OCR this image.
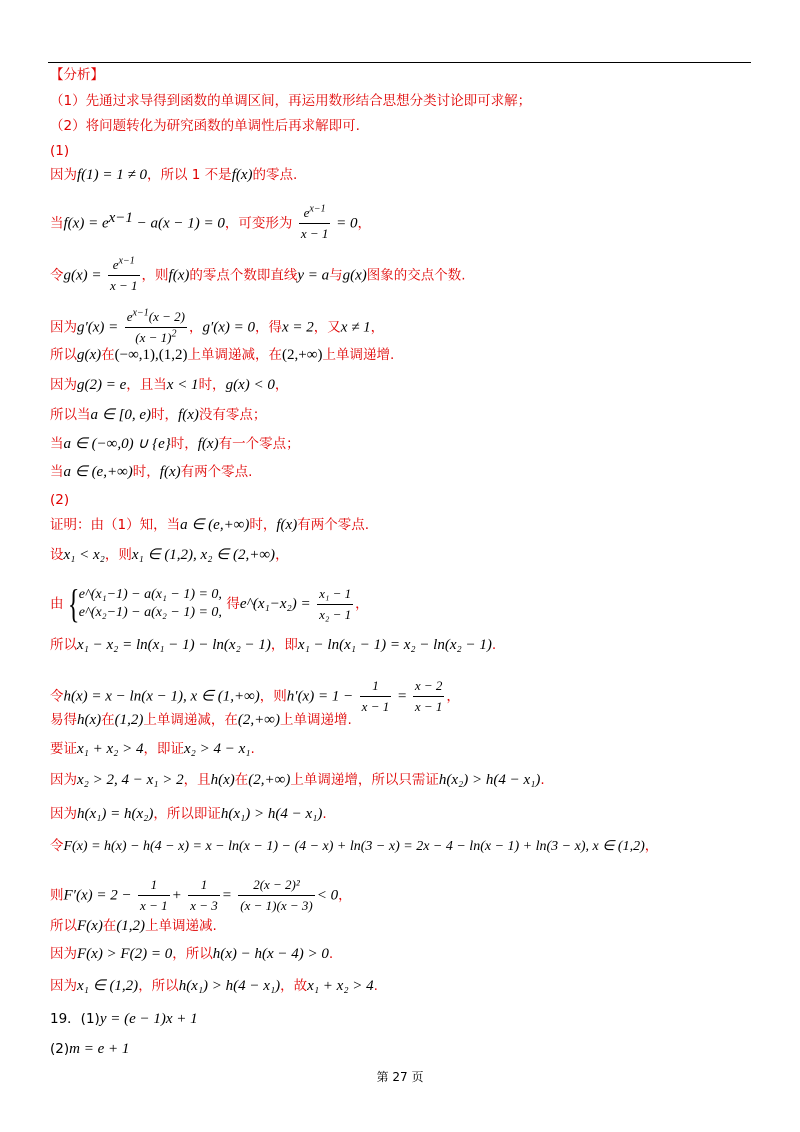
【分析】
（1）先通过求导得到函数的单调区间，再运用数形结合思想分类讨论即可求解；
（2）将问题转化为研究函数的单调性后再求解即可.
(1)
因为f(1) = 1 ≠ 0，所以 1 不是f(x)的零点.
当$f(x) = e^{x-1} - a(x - 1) = 0$，可变形为 $\frac{e^{x-1}}{x - 1} = 0$，
令$g(x) = \frac{e^{x-1}}{x - 1}$ ，则f(x)的零点个数即直线y = a与g(x)图象的交点个数.
因为$g'(x) = \frac{e^{x-1}(x - 2)}{(x - 1)^2}$ ，g′(x) = 0，得x = 2，又x ≠ 1，
所以g(x)在(−∞,1),(1,2)上单调递减，在(2,+∞)上单调递增.
因为g(2) = e，且当x < 1时，g(x) < 0，
所以当a ∈ [0, e)时，f(x)没有零点；
当a ∈ (−∞,0) ∪ {e}时，f(x)有一个零点；
当a ∈ (e,+∞)时，f(x)有两个零点.
(2)
证明：由（1）知，当a ∈ (e,+∞)时，f(x)有两个零点.
设x₁ < x₂，则x₁ ∈ (1,2), x₂ ∈ (2,+∞)，
由{ e^(x₁−1) − a(x₁ − 1) = 0,
e^(x₂−1) − a(x₂ − 1) = 0,
得e^(x₁−x₂) = $\frac{\text{x₁ − 1}}{\text{x₂ − 1}}$ ，
所以x₁ − x₂ = ln(x₁ − 1) − ln(x₂ − 1)，即x₁ − ln(x₁ − 1) = x₂ − ln(x₂ − 1).
令h(x) = x − ln(x − 1), x ∈ (1,+∞)，则$h'(x) = 1 - \frac{1}{x - 1} = \frac{x - 2}{x - 1}$ ，
易得h(x)在(1,2)上单调递减，在(2,+∞)上单调递增.
要证x₁ + x₂ > 4，即证x₂ > 4 − x₁.
因为x₂ > 2, 4 − x₁ > 2，且h(x)在(2,+∞)上单调递增，所以只需证h(x₂) > h(4 − x₁).
因为h(x₁) = h(x₂)，所以即证h(x₁) > h(4 − x₁).
令F(x) = h(x) − h(4 − x) = x − ln(x − 1) − (4 − x) + ln(3 − x) = 2x − 4 − ln(x − 1) + ln(3 − x), x ∈ (1,2)，
则$F'(x) = 2 - \frac{1}{x - 1} + \frac{1}{x - 3} = \frac{\text{2(x − 2)²}}{(x - 1)(x - 3)} < 0$，
所以F(x)在(1,2)上单调递减.
因为F(x) > F(2) = 0，所以h(x) − h(x − 4) > 0.
因为x₁ ∈ (1,2)，所以h(x₁) > h(4 − x₁)，故x₁ + x₂ > 4.
19．(1)y = (e − 1)x + 1
(2)m = e + 1
第 27 页
